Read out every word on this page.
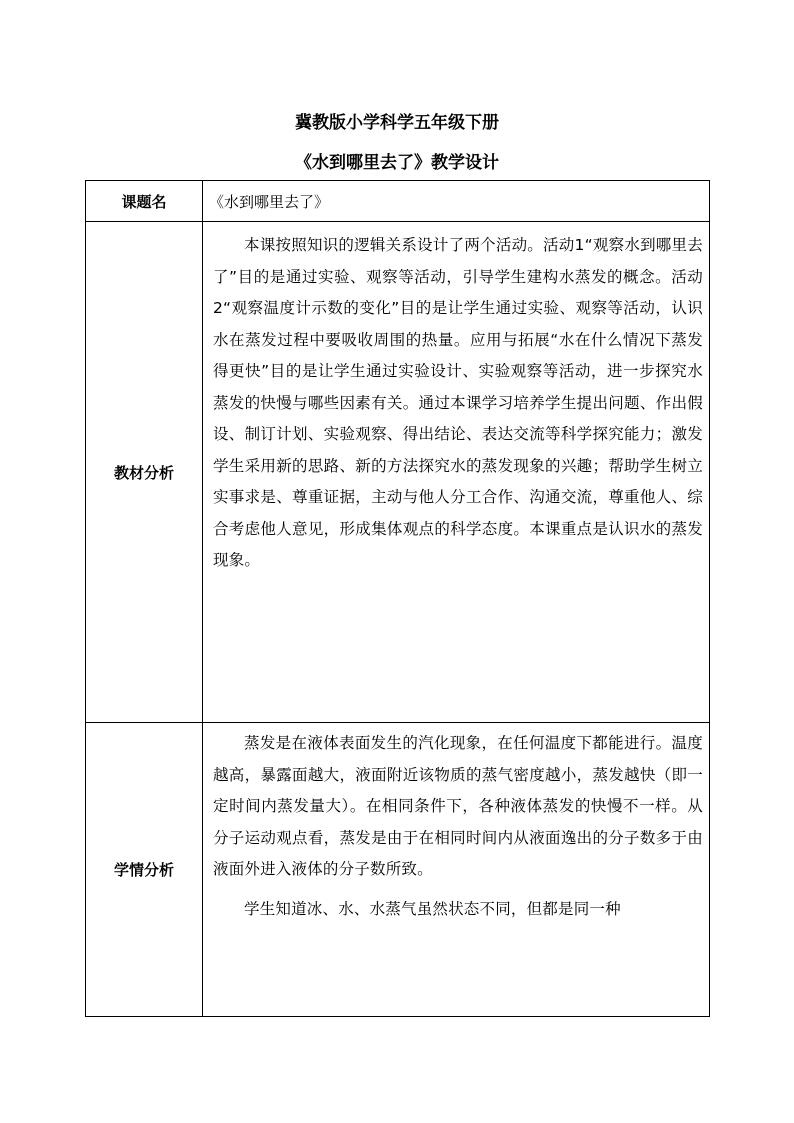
冀教版小学科学五年级下册
《水到哪里去了》教学设计
课题名	《水到哪里去了》
教材分析	本课按照知识的逻辑关系设计了两个活动。活动1“观察水到哪里去了”目的是通过实验、观察等活动，引导学生建构水蒸发的概念。活动2“观察温度计示数的变化”目的是让学生通过实验、观察等活动，认识水在蒸发过程中要吸收周围的热量。应用与拓展“水在什么情况下蒸发得更快”目的是让学生通过实验设计、实验观察等活动，进一步探究水蒸发的快慢与哪些因素有关。通过本课学习培养学生提出问题、作出假设、制订计划、实验观察、得出结论、表达交流等科学探究能力；激发学生采用新的思路、新的方法探究水的蒸发现象的兴趣；帮助学生树立实事求是、尊重证据，主动与他人分工合作、沟通交流，尊重他人、综合考虑他人意见，形成集体观点的科学态度。本课重点是认识水的蒸发现象。

学情分析	蒸发是在液体表面发生的汽化现象，在任何温度下都能进行。温度越高，暴露面越大，液面附近该物质的蒸气密度越小，蒸发越快（即一定时间内蒸发量大）。在相同条件下，各种液体蒸发的快慢不一样。从分子运动观点看，蒸发是由于在相同时间内从液面逸出的分子数多于由液面外进入液体的分子数所致。

学生知道冰、水、水蒸气虽然状态不同，但都是同一种
